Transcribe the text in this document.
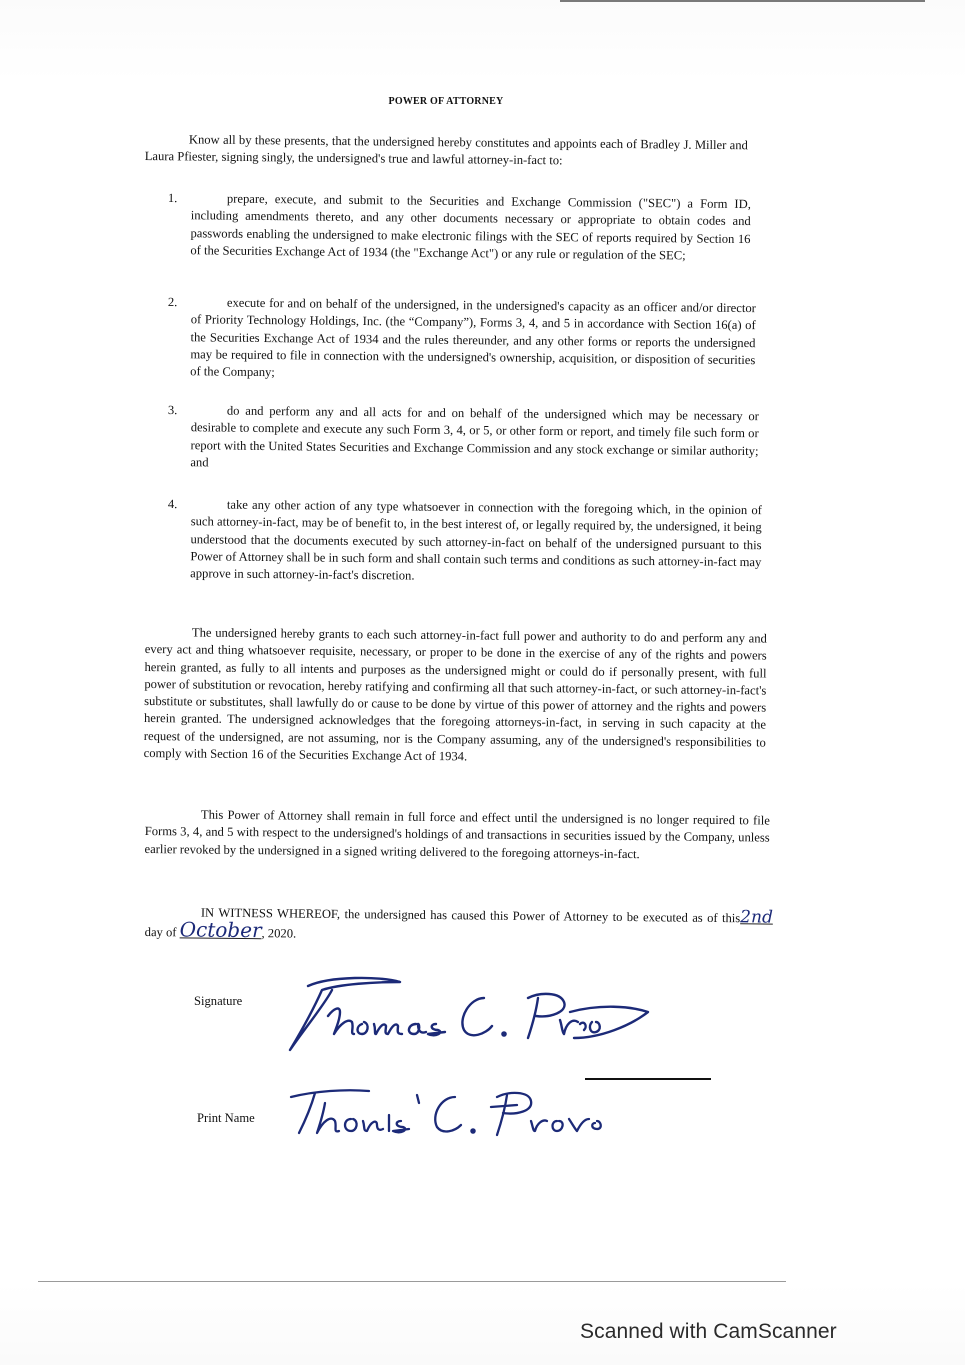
POWER OF ATTORNEY
Know all by these presents, that the undersigned hereby constitutes and appoints each of Bradley J. Miller and Laura Pfiester, signing singly, the undersigned's true and lawful attorney-in-fact to:
1.	prepare, execute, and submit to the Securities and Exchange Commission ("SEC") a Form ID, including amendments thereto, and any other documents necessary or appropriate to obtain codes and passwords enabling the undersigned to make electronic filings with the SEC of reports required by Section 16 of the Securities Exchange Act of 1934 (the "Exchange Act") or any rule or regulation of the SEC;
2.	execute for and on behalf of the undersigned, in the undersigned's capacity as an officer and/or director of Priority Technology Holdings, Inc. (the “Company”), Forms 3, 4, and 5 in accordance with Section 16(a) of the Securities Exchange Act of 1934 and the rules thereunder, and any other forms or reports the undersigned may be required to file in connection with the undersigned's ownership, acquisition, or disposition of securities of the Company;
3.	do and perform any and all acts for and on behalf of the undersigned which may be necessary or desirable to complete and execute any such Form 3, 4, or 5, or other form or report, and timely file such form or report with the United States Securities and Exchange Commission and any stock exchange or similar authority; and
4.	take any other action of any type whatsoever in connection with the foregoing which, in the opinion of such attorney-in-fact, may be of benefit to, in the best interest of, or legally required by, the undersigned, it being understood that the documents executed by such attorney-in-fact on behalf of the undersigned pursuant to this Power of Attorney shall be in such form and shall contain such terms and conditions as such attorney-in-fact may approve in such attorney-in-fact's discretion.
The undersigned hereby grants to each such attorney-in-fact full power and authority to do and perform any and every act and thing whatsoever requisite, necessary, or proper to be done in the exercise of any of the rights and powers herein granted, as fully to all intents and purposes as the undersigned might or could do if personally present, with full power of substitution or revocation, hereby ratifying and confirming all that such attorney-in-fact, or such attorney-in-fact's substitute or substitutes, shall lawfully do or cause to be done by virtue of this power of attorney and the rights and powers herein granted. The undersigned acknowledges that the foregoing attorneys-in-fact, in serving in such capacity at the request of the undersigned, are not assuming, nor is the Company assuming, any of the undersigned's responsibilities to comply with Section 16 of the Securities Exchange Act of 1934.
This Power of Attorney shall remain in full force and effect until the undersigned is no longer required to file Forms 3, 4, and 5 with respect to the undersigned's holdings of and transactions in securities issued by the Company, unless earlier revoked by the undersigned in a signed writing delivered to the foregoing attorneys-in-fact.
IN WITNESS WHEREOF, the undersigned has caused this Power of Attorney to be executed as of this2nd day of October, 2020.
Signature
Print Name
Scanned with CamScanner
